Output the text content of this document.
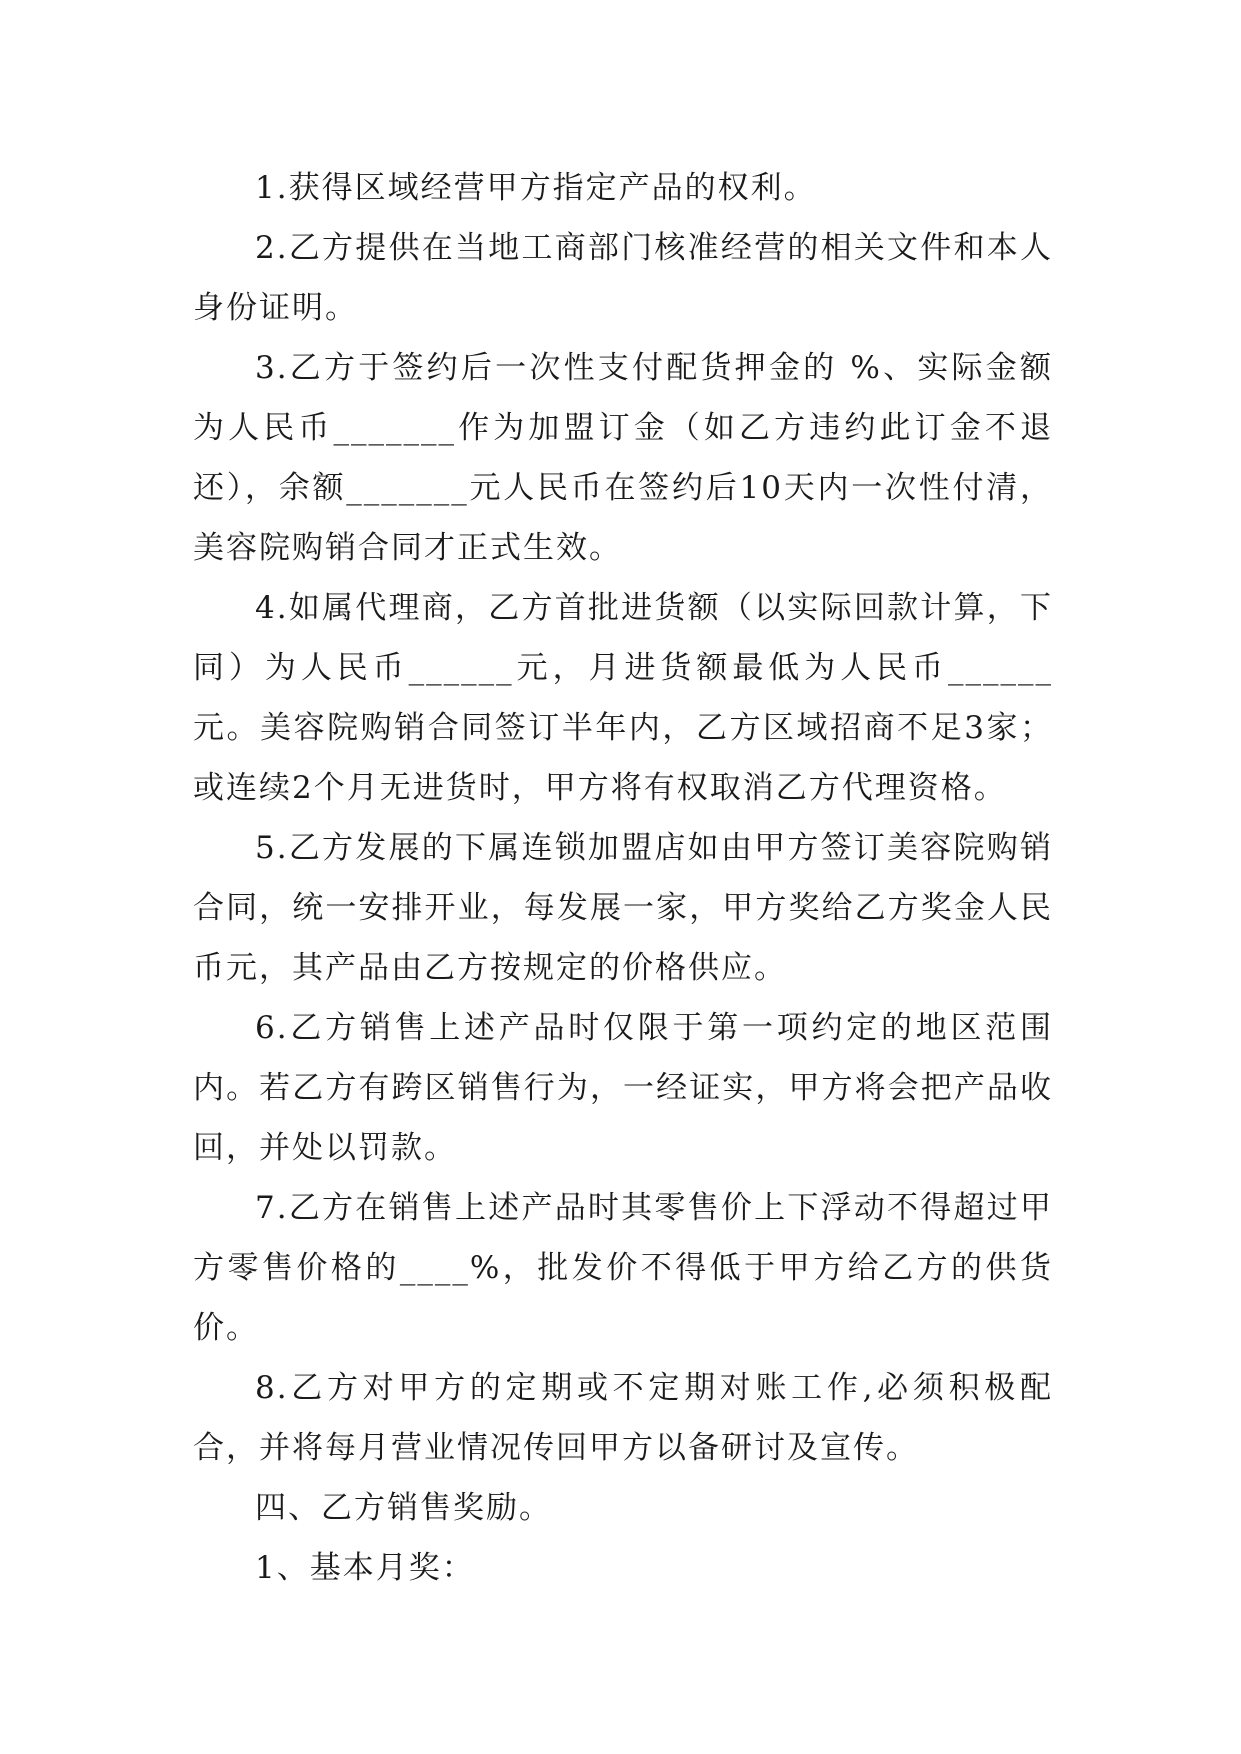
1.获得区域经营甲方指定产品的权利。

2.乙方提供在当地工商部门核准经营的相关文件和本人身份证明。

3.乙方于签约后一次性支付配货押金的 %、实际金额为人民币_______作为加盟订金（如乙方违约此订金不退还），余额_______元人民币在签约后10天内一次性付清，美容院购销合同才正式生效。

4.如属代理商，乙方首批进货额（以实际回款计算，下同）为人民币______元，月进货额最低为人民币______元。美容院购销合同签订半年内，乙方区域招商不足3家；或连续2个月无进货时，甲方将有权取消乙方代理资格。

5.乙方发展的下属连锁加盟店如由甲方签订美容院购销合同，统一安排开业，每发展一家，甲方奖给乙方奖金人民币元，其产品由乙方按规定的价格供应。

6.乙方销售上述产品时仅限于第一项约定的地区范围内。若乙方有跨区销售行为，一经证实，甲方将会把产品收回，并处以罚款。

7.乙方在销售上述产品时其零售价上下浮动不得超过甲方零售价格的____%，批发价不得低于甲方给乙方的供货价。

8.乙方对甲方的定期或不定期对账工作,必须积极配合，并将每月营业情况传回甲方以备研讨及宣传。

四、乙方销售奖励。

1、基本月奖：
